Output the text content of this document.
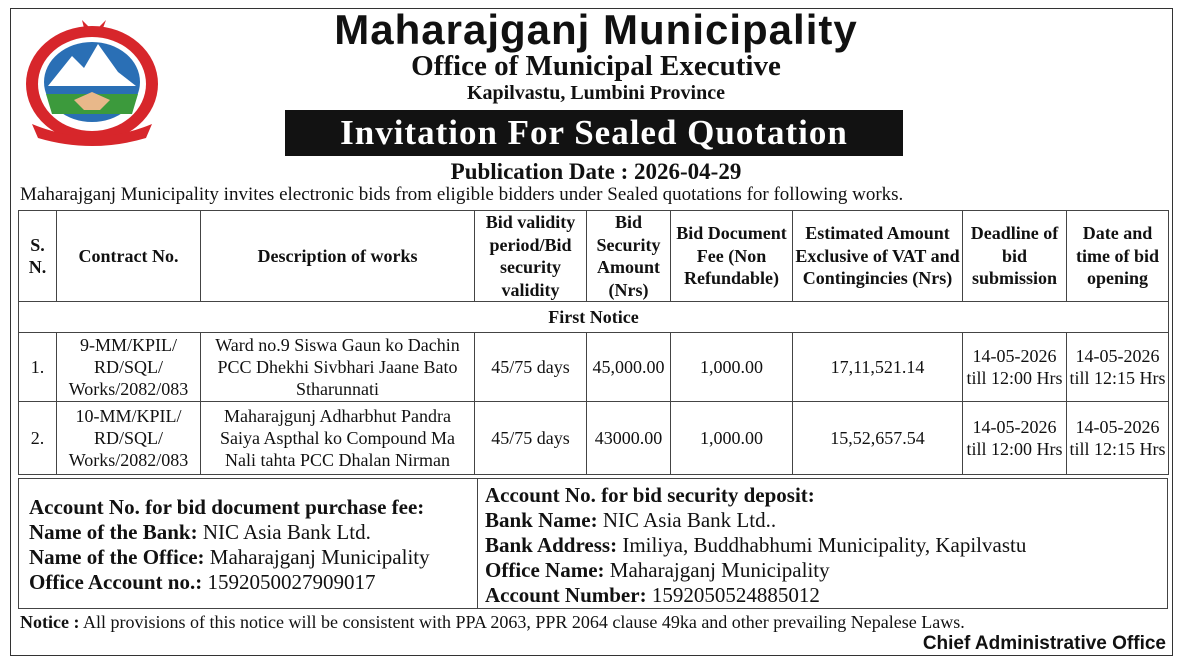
Maharajganj Municipality
Office of Municipal Executive
Kapilvastu, Lumbini Province
Invitation For Sealed Quotation
Publication Date : 2026-04-29
Maharajganj Municipality invites electronic bids from eligible bidders under Sealed quotations for following works.
S. N.	Contract No.	Description of works	Bid validity period/Bid security validity	Bid Security Amount (Nrs)	Bid Document Fee (Non Refundable)	Estimated Amount Exclusive of VAT and Contingincies (Nrs)	Deadline of bid submission	Date and time of bid opening
First Notice								
1.	9-MM/KPIL/ RD/SQL/ Works/2082/083	Ward no.9 Siswa Gaun ko Dachin PCC Dhekhi Sivbhari Jaane Bato Stharunnati	45/75 days	45,000.00	1,000.00	17,11,521.14	14-05-2026 till 12:00 Hrs	14-05-2026 till 12:15 Hrs
2.	10-MM/KPIL/ RD/SQL/ Works/2082/083	Maharajgunj Adharbhut Pandra Saiya Aspthal ko Compound Ma Nali tahta PCC Dhalan Nirman	45/75 days	43000.00	1,000.00	15,52,657.54	14-05-2026 till 12:00 Hrs	14-05-2026 till 12:15 Hrs
Account No. for bid document purchase fee:
Name of the Bank: NIC Asia Bank Ltd.
Name of the Office: Maharajganj Municipality
Office Account no.: 1592050027909017
Account No. for bid security deposit:
Bank Name: NIC Asia Bank Ltd..
Bank Address: Imiliya, Buddhabhumi Municipality, Kapilvastu
Office Name: Maharajganj Municipality
Account Number: 1592050524885012
Notice : All provisions of this notice will be consistent with PPA 2063, PPR 2064 clause 49ka and other prevailing Nepalese Laws.
Chief Administrative Office
